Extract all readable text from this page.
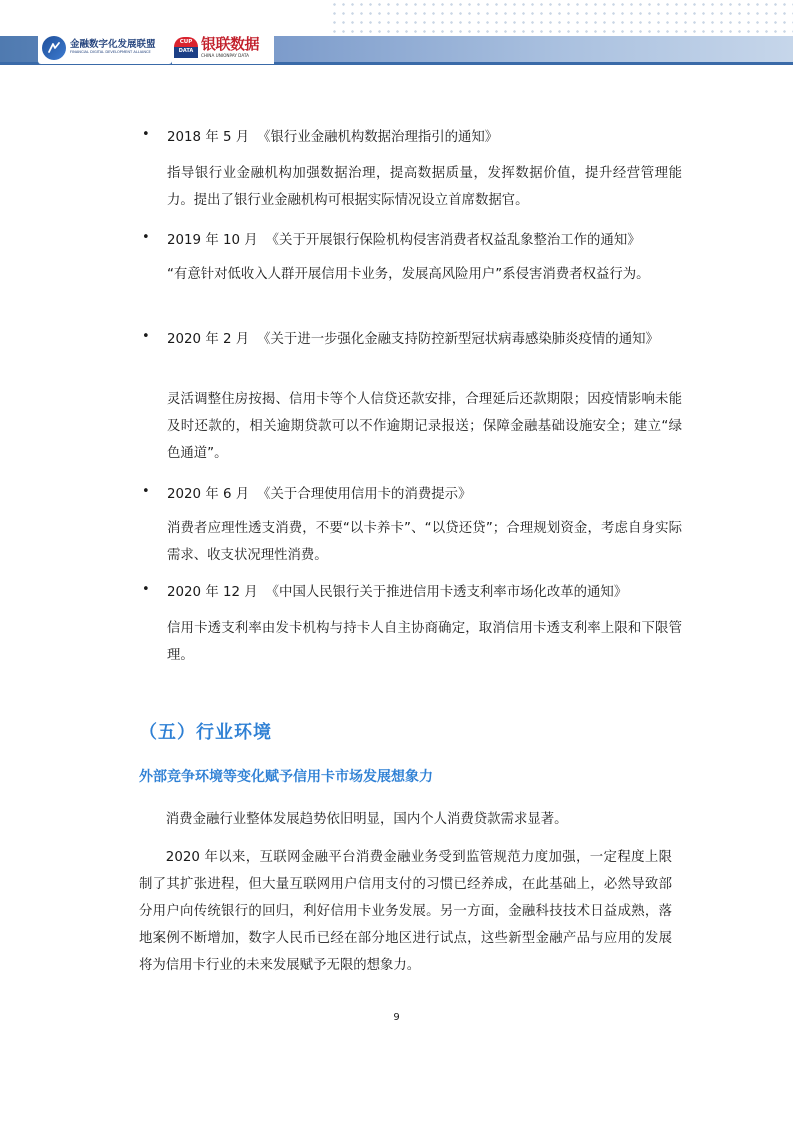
金融数字化发展联盟
FINANCIAL DIGITAL DEVELOPMENT ALLIANCE
CUP
DATA 银联数据
CHINA UNIONPAY DATA
• 2018 年 5 月 《银行业金融机构数据治理指引的通知》
指导银行业金融机构加强数据治理，提高数据质量，发挥数据价值，提升经营管理能力。提出了银行业金融机构可根据实际情况设立首席数据官。
• 2019 年 10 月 《关于开展银行保险机构侵害消费者权益乱象整治工作的通知》
“有意针对低收入人群开展信用卡业务，发展高风险用户”系侵害消费者权益行为。
• 2020 年 2 月 《关于进一步强化金融支持防控新型冠状病毒感染肺炎疫情的通知》
灵活调整住房按揭、信用卡等个人信贷还款安排，合理延后还款期限；因疫情影响未能及时还款的，相关逾期贷款可以不作逾期记录报送；保障金融基础设施安全；建立“绿色通道”。
• 2020 年 6 月 《关于合理使用信用卡的消费提示》
消费者应理性透支消费，不要“以卡养卡”、“以贷还贷”；合理规划资金，考虑自身实际需求、收支状况理性消费。
• 2020 年 12 月 《中国人民银行关于推进信用卡透支利率市场化改革的通知》
信用卡透支利率由发卡机构与持卡人自主协商确定，取消信用卡透支利率上限和下限管理。
（五）行业环境
外部竞争环境等变化赋予信用卡市场发展想象力
消费金融行业整体发展趋势依旧明显，国内个人消费贷款需求显著。
2020 年以来，互联网金融平台消费金融业务受到监管规范力度加强，一定程度上限制了其扩张进程，但大量互联网用户信用支付的习惯已经养成，在此基础上，必然导致部分用户向传统银行的回归，利好信用卡业务发展。另一方面，金融科技技术日益成熟，落地案例不断增加，数字人民币已经在部分地区进行试点，这些新型金融产品与应用的发展将为信用卡行业的未来发展赋予无限的想象力。
9
